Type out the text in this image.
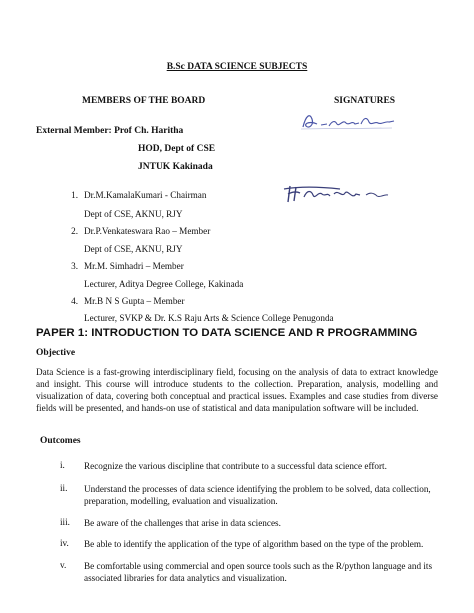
B.Sc DATA SCIENCE SUBJECTS
MEMBERS OF THE BOARD	SIGNATURES
External Member: Prof Ch. Haritha
HOD, Dept of CSE
JNTUK Kakinada
1. Dr.M.KamalaKumari - Chairman
Dept of CSE, AKNU, RJY
2. Dr.P.Venkateswara Rao – Member
Dept of CSE, AKNU, RJY
3. Mr.M. Simhadri – Member
Lecturer, Aditya Degree College, Kakinada
4. Mr.B N S Gupta – Member
Lecturer, SVKP & Dr. K.S Raju Arts & Science College Penugonda
PAPER 1: INTRODUCTION TO DATA SCIENCE AND R PROGRAMMING
Objective
Data Science is a fast-growing interdisciplinary field, focusing on the analysis of data to extract knowledge and insight. This course will introduce students to the collection. Preparation, analysis, modelling and visualization of data, covering both conceptual and practical issues. Examples and case studies from diverse fields will be presented, and hands-on use of statistical and data manipulation software will be included.
Outcomes
i.	Recognize the various discipline that contribute to a successful data science effort.
ii.	Understand the processes of data science identifying the problem to be solved, data collection, preparation, modelling, evaluation and visualization.
iii.	Be aware of the challenges that arise in data sciences.
iv.	Be able to identify the application of the type of algorithm based on the type of the problem.
v.	Be comfortable using commercial and open source tools such as the R/python language and its associated libraries for data analytics and visualization.
